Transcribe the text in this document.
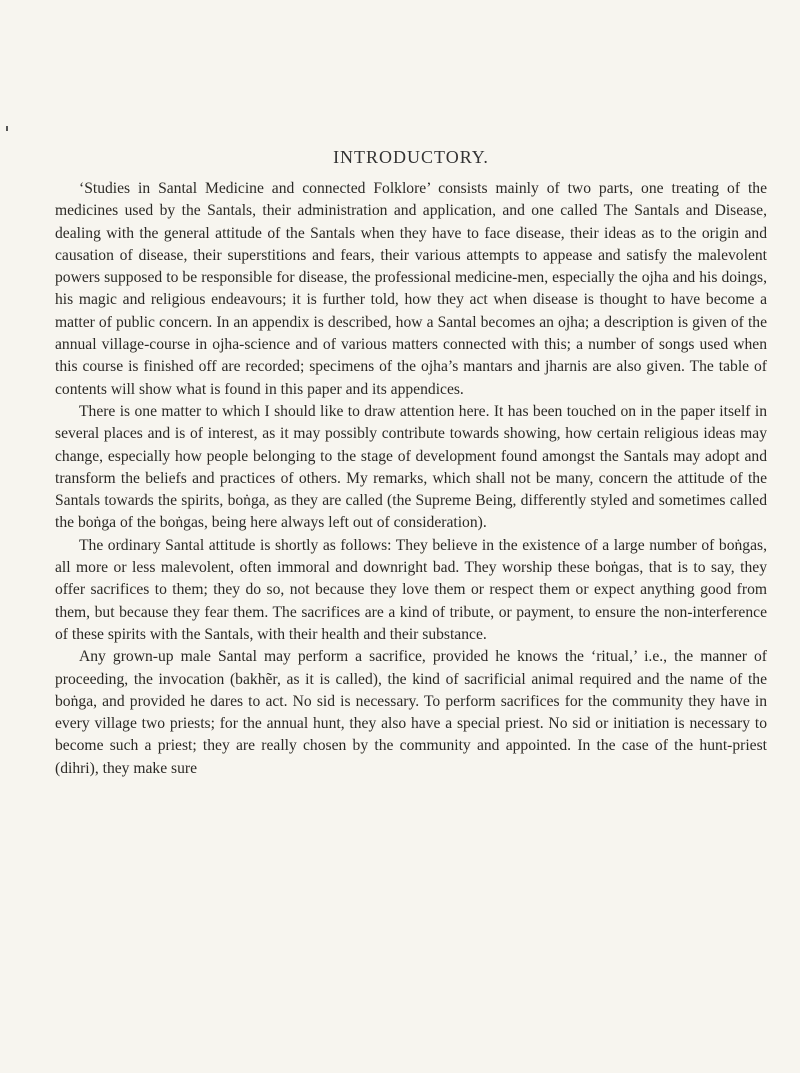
INTRODUCTORY.

‘Studies in Santal Medicine and connected Folklore’ consists mainly of two parts, one treating of the medicines used by the Santals, their administration and application, and one called The Santals and Disease, dealing with the general attitude of the Santals when they have to face disease, their ideas as to the origin and causation of disease, their superstitions and fears, their various attempts to appease and satisfy the malevolent powers supposed to be responsible for disease, the professional medicine-men, especially the ojha and his doings, his magic and religious endeavours; it is further told, how they act when disease is thought to have become a matter of public concern. In an appendix is described, how a Santal becomes an ojha; a description is given of the annual village-course in ojha-science and of various matters connected with this; a number of songs used when this course is finished off are recorded; specimens of the ojha’s mantars and jharnis are also given. The table of contents will show what is found in this paper and its appendices.

There is one matter to which I should like to draw attention here. It has been touched on in the paper itself in several places and is of interest, as it may possibly contribute towards showing, how certain religious ideas may change, especially how people belonging to the stage of development found amongst the Santals may adopt and transform the beliefs and practices of others. My remarks, which shall not be many, concern the attitude of the Santals towards the spirits, boṅga, as they are called (the Supreme Being, differently styled and sometimes called the boṅga of the boṅgas, being here always left out of consideration).

The ordinary Santal attitude is shortly as follows: They believe in the existence of a large number of boṅgas, all more or less malevolent, often immoral and downright bad. They worship these boṅgas, that is to say, they offer sacrifices to them; they do so, not because they love them or respect them or expect anything good from them, but because they fear them. The sacrifices are a kind of tribute, or payment, to ensure the non-interference of these spirits with the Santals, with their health and their substance.

Any grown-up male Santal may perform a sacrifice, provided he knows the ‘ritual,’ i.e., the manner of proceeding, the invocation (bakhẽr, as it is called), the kind of sacrificial animal required and the name of the boṅga, and provided he dares to act. No sid is necessary. To perform sacrifices for the community they have in every village two priests; for the annual hunt, they also have a special priest. No sid or initiation is necessary to become such a priest; they are really chosen by the community and appointed. In the case of the hunt-priest (dihri), they make sure
